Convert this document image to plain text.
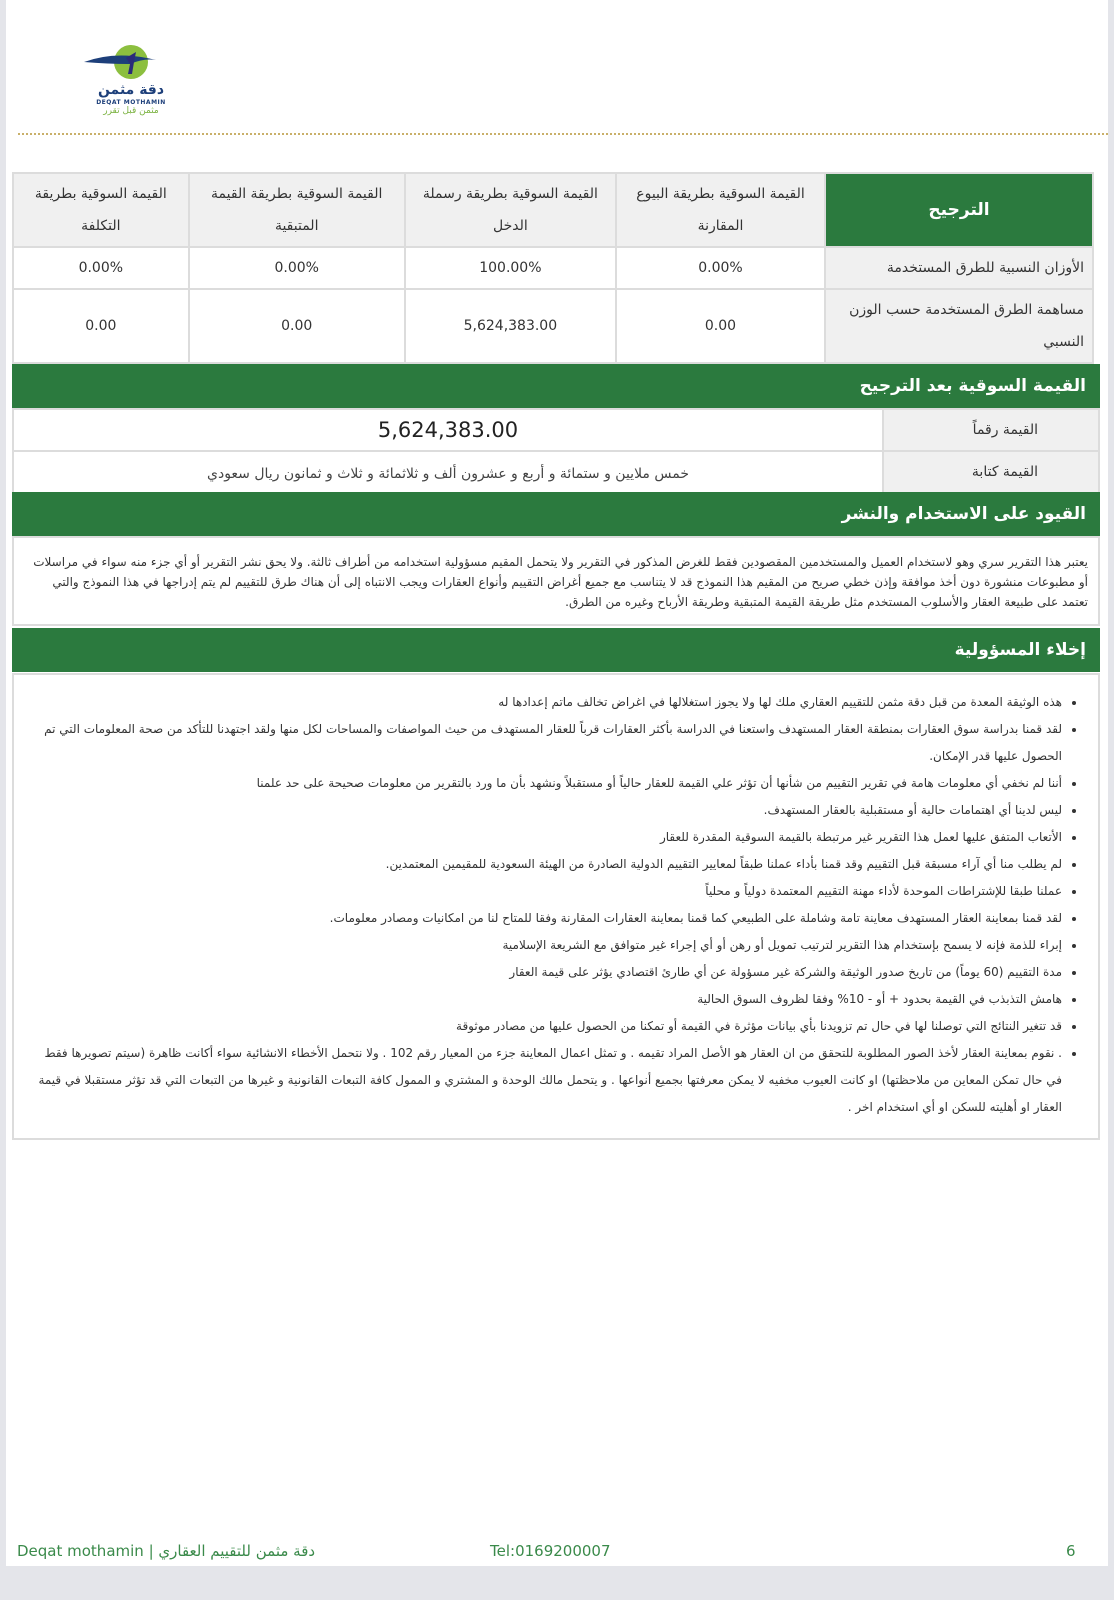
دقة مثمن
DEQAT MOTHAMIN
مثمن قبل تقرر
الترجيح	القيمة السوقية بطريقة البيوع المقارنة	القيمة السوقية بطريقة رسملة الدخل	القيمة السوقية بطريقة القيمة المتبقية	القيمة السوقية بطريقة التكلفة
الأوزان النسبية للطرق المستخدمة	0.00%	100.00%	0.00%	0.00%
مساهمة الطرق المستخدمة حسب الوزن النسبي	0.00	5,624,383.00	0.00	0.00
القيمة السوقية بعد الترجيح
القيمة رقماً	5,624,383.00
القيمة كتابة	خمس ملايين و ستمائة و أربع و عشرون ألف و ثلاثمائة و ثلاث و ثمانون ريال سعودي
القيود على الاستخدام والنشر
يعتبر هذا التقرير سري وهو لاستخدام العميل والمستخدمين المقصودين فقط للغرض المذكور في التقرير ولا يتحمل المقيم مسؤولية استخدامه من أطراف ثالثة. ولا يحق نشر التقرير أو أي جزء منه سواء في مراسلات أو مطبوعات منشورة دون أخذ موافقة وإذن خطي صريح من المقيم هذا النموذج قد لا يتناسب مع جميع أغراض التقييم وأنواع العقارات ويجب الانتباه إلى أن هناك طرق للتقييم لم يتم إدراجها في هذا النموذج والتي تعتمد على طبيعة العقار والأسلوب المستخدم مثل طريقة القيمة المتبقية وطريقة الأرباح وغيره من الطرق.
إخلاء المسؤولية
• هذه الوثيقة المعدة من قبل دقة مثمن للتقييم العقاري ملك لها ولا يجوز استغلالها في اغراض تخالف ماتم إعدادها له
• لقد قمنا بدراسة سوق العقارات بمنطقة العقار المستهدف واستعنا في الدراسة بأكثر العقارات قرباً للعقار المستهدف من حيث المواصفات والمساحات لكل منها ولقد اجتهدنا للتأكد من صحة المعلومات التي تم الحصول عليها قدر الإمكان.
• أننا لم نخفي أي معلومات هامة في تقرير التقييم من شأنها أن تؤثر علي القيمة للعقار حالياً أو مستقبلاً ونشهد بأن ما ورد بالتقرير من معلومات صحيحة على حد علمنا
• ليس لدينا أي اهتمامات حالية أو مستقبلية بالعقار المستهدف.
• الأتعاب المتفق عليها لعمل هذا التقرير غير مرتبطة بالقيمة السوقية المقدرة للعقار
• لم يطلب منا أي آراء مسبقة قبل التقييم وقد قمنا بأداء عملنا طبقاً لمعايير التقييم الدولية الصادرة من الهيئة السعودية للمقيمين المعتمدين.
• عملنا طبقا للإشتراطات الموحدة لأداء مهنة التقييم المعتمدة دولياً و محلياً
• لقد قمنا بمعاينة العقار المستهدف معاينة تامة وشاملة على الطبيعي كما قمنا بمعاينة العقارات المقارنة وفقا للمتاح لنا من امكانيات ومصادر معلومات.
• إبراء للذمة فإنه لا يسمح بإستخدام هذا التقرير لترتيب تمويل أو رهن أو أي إجراء غير متوافق مع الشريعة الإسلامية
• مدة التقييم (60 يوماً) من تاريخ صدور الوثيقة والشركة غير مسؤولة عن أي طارئ اقتصادي يؤثر على قيمة العقار
• هامش التذبذب في القيمة بحدود + أو - 10% وفقا لظروف السوق الحالية
• قد تتغير النتائج التي توصلنا لها في حال تم تزويدنا بأي بيانات مؤثرة في القيمة أو تمكنا من الحصول عليها من مصادر موثوقة
• . نقوم بمعاينة العقار لأخذ الصور المطلوبة للتحقق من ان العقار هو الأصل المراد تقيمه . و تمثل اعمال المعاينة جزء من المعيار رقم 102 . ولا نتحمل الأخطاء الانشائية سواء أكانت ظاهرة (سيتم تصويرها فقط في حال تمكن المعاين من ملاحظتها) او كانت العيوب مخفيه لا يمكن معرفتها بجميع أنواعها . و يتحمل مالك الوحدة و المشتري و الممول كافة التبعات القانونية و غيرها من التبعات التي قد تؤثر مستقبلا في قيمة العقار او أهليته للسكن او أي استخدام اخر .
Deqat mothamin | دقة مثمن للتقييم العقاري	Tel:0169200007	6
